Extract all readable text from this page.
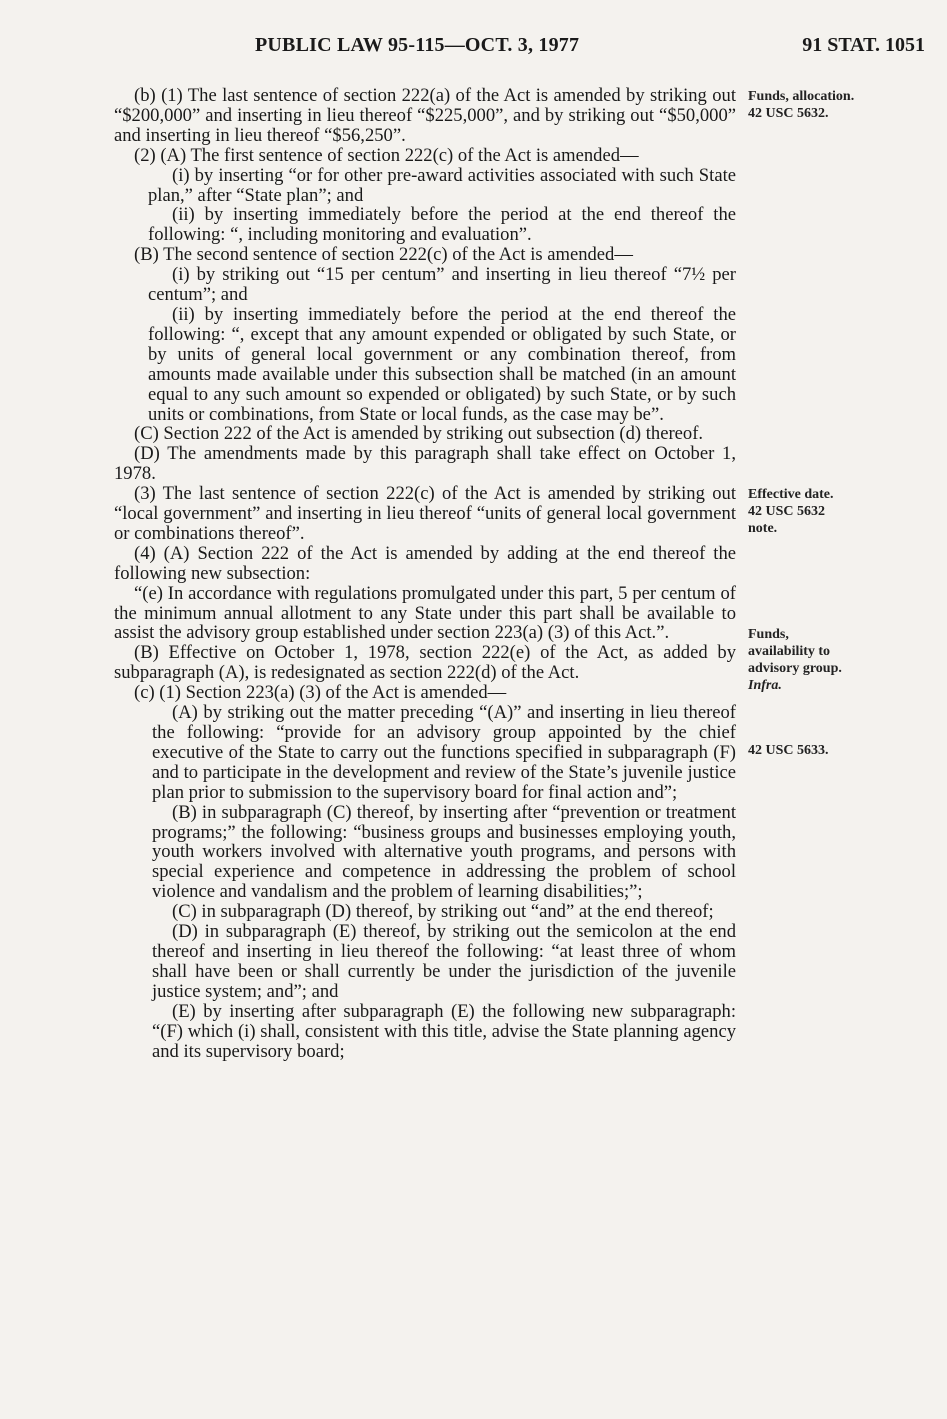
PUBLIC LAW 95-115—OCT. 3, 1977	91 STAT. 1051
Funds, allocation.
42 USC 5632.
Effective date.
42 USC 5632
note.
Funds,
availability to
advisory group.
Infra.
42 USC 5633.

(b) (1) The last sentence of section 222(a) of the Act is amended by striking out “$200,000” and inserting in lieu thereof “$225,000”, and by striking out “$50,000” and inserting in lieu thereof “$56,250”.

(2) (A) The first sentence of section 222(c) of the Act is amended—

(i) by inserting “or for other pre-award activities associated with such State plan,” after “State plan”; and

(ii) by inserting immediately before the period at the end thereof the following: “, including monitoring and evaluation”.

(B) The second sentence of section 222(c) of the Act is amended—

(i) by striking out “15 per centum” and inserting in lieu thereof “7½ per centum”; and

(ii) by inserting immediately before the period at the end thereof the following: “, except that any amount expended or obligated by such State, or by units of general local government or any combination thereof, from amounts made available under this subsection shall be matched (in an amount equal to any such amount so expended or obligated) by such State, or by such units or combinations, from State or local funds, as the case may be”.

(C) Section 222 of the Act is amended by striking out subsection (d) thereof.

(D) The amendments made by this paragraph shall take effect on October 1, 1978.

(3) The last sentence of section 222(c) of the Act is amended by striking out “local government” and inserting in lieu thereof “units of general local government or combinations thereof”.

(4) (A) Section 222 of the Act is amended by adding at the end thereof the following new subsection:

“(e) In accordance with regulations promulgated under this part, 5 per centum of the minimum annual allotment to any State under this part shall be available to assist the advisory group established under section 223(a) (3) of this Act.”.

(B) Effective on October 1, 1978, section 222(e) of the Act, as added by subparagraph (A), is redesignated as section 222(d) of the Act.

(c) (1) Section 223(a) (3) of the Act is amended—

(A) by striking out the matter preceding “(A)” and inserting in lieu thereof the following: “provide for an advisory group appointed by the chief executive of the State to carry out the functions specified in subparagraph (F) and to participate in the development and review of the State’s juvenile justice plan prior to submission to the supervisory board for final action and”;

(B) in subparagraph (C) thereof, by inserting after “prevention or treatment programs;” the following: “business groups and businesses employing youth, youth workers involved with alternative youth programs, and persons with special experience and competence in addressing the problem of school violence and vandalism and the problem of learning disabilities;”;

(C) in subparagraph (D) thereof, by striking out “and” at the end thereof;

(D) in subparagraph (E) thereof, by striking out the semicolon at the end thereof and inserting in lieu thereof the following: “at least three of whom shall have been or shall currently be under the jurisdiction of the juvenile justice system; and”; and

(E) by inserting after subparagraph (E) the following new subparagraph: “(F) which (i) shall, consistent with this title, advise the State planning agency and its supervisory board;
